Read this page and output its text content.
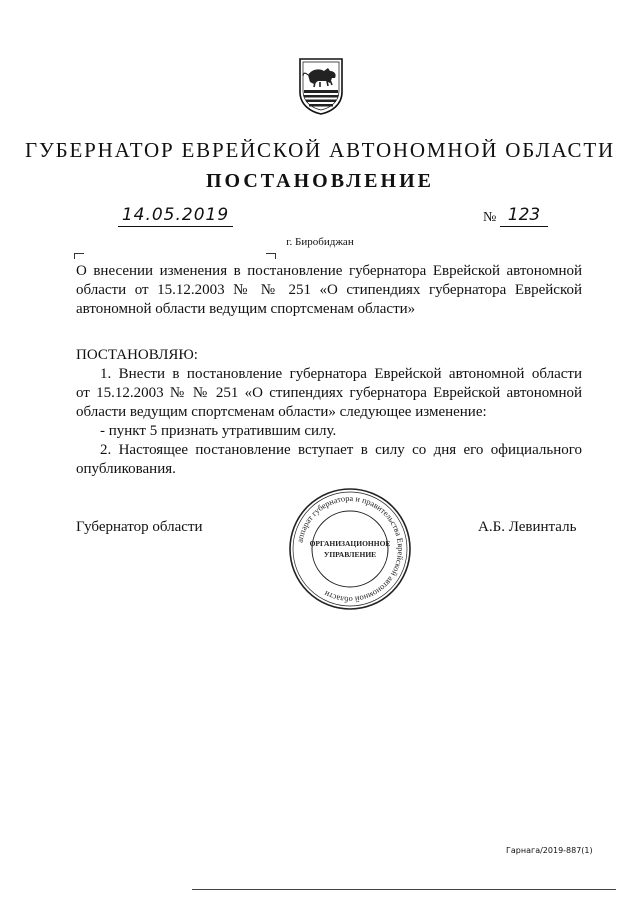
ГУБЕРНАТОР ЕВРЕЙСКОЙ АВТОНОМНОЙ ОБЛАСТИ
ПОСТАНОВЛЕНИЕ
14.05.2019	№ 123
г. Биробиджан
О внесении изменения в постановление губернатора Еврейской автономной
области от 15.12.2003 № № 251 «О стипендиях губернатора Еврейской
автономной области ведущим спортсменам области»
ПОСТАНОВЛЯЮ:
1. Внести в постановление губернатора Еврейской автономной области
от 15.12.2003 № № 251 «О стипендиях губернатора Еврейской автономной
области ведущим спортсменам области» следующее изменение:
- пункт 5 признать утратившим силу.
2. Настоящее постановление вступает в силу со дня его официального
опубликования.
Губернатор области	А.Б. Левинталь
аппарат губернатора и правительства Еврейской автономной области
ОРГАНИЗАЦИОННОЕ
УПРАВЛЕНИЕ
Гарнага/2019-887(1)
